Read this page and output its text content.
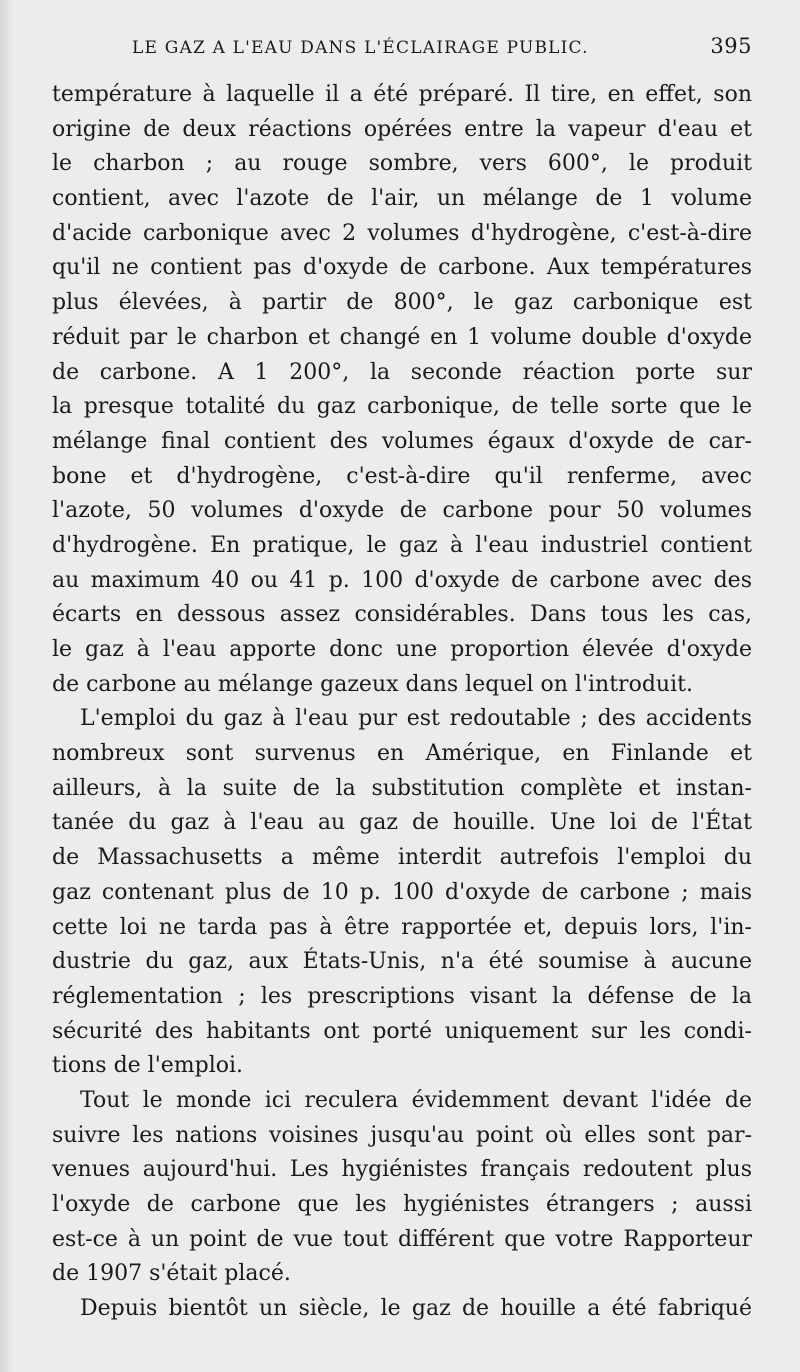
LE GAZ A L'EAU DANS L'ÉCLAIRAGE PUBLIC.	395
température à laquelle il a été préparé. Il tire, en effet, son
origine de deux réactions opérées entre la vapeur d'eau et
le charbon ; au rouge sombre, vers 600°, le produit
contient, avec l'azote de l'air, un mélange de 1 volume
d'acide carbonique avec 2 volumes d'hydrogène, c'est-à-dire
qu'il ne contient pas d'oxyde de carbone. Aux températures
plus élevées, à partir de 800°, le gaz carbonique est
réduit par le charbon et changé en 1 volume double d'oxyde
de carbone. A 1 200°, la seconde réaction porte sur
la presque totalité du gaz carbonique, de telle sorte que le
mélange final contient des volumes égaux d'oxyde de car-
bone et d'hydrogène, c'est-à-dire qu'il renferme, avec
l'azote, 50 volumes d'oxyde de carbone pour 50 volumes
d'hydrogène. En pratique, le gaz à l'eau industriel contient
au maximum 40 ou 41 p. 100 d'oxyde de carbone avec des
écarts en dessous assez considérables. Dans tous les cas,
le gaz à l'eau apporte donc une proportion élevée d'oxyde
de carbone au mélange gazeux dans lequel on l'introduit.
L'emploi du gaz à l'eau pur est redoutable ; des accidents
nombreux sont survenus en Amérique, en Finlande et
ailleurs, à la suite de la substitution complète et instan-
tanée du gaz à l'eau au gaz de houille. Une loi de l'État
de Massachusetts a même interdit autrefois l'emploi du
gaz contenant plus de 10 p. 100 d'oxyde de carbone ; mais
cette loi ne tarda pas à être rapportée et, depuis lors, l'in-
dustrie du gaz, aux États-Unis, n'a été soumise à aucune
réglementation ; les prescriptions visant la défense de la
sécurité des habitants ont porté uniquement sur les condi-
tions de l'emploi.
Tout le monde ici reculera évidemment devant l'idée de
suivre les nations voisines jusqu'au point où elles sont par-
venues aujourd'hui. Les hygiénistes français redoutent plus
l'oxyde de carbone que les hygiénistes étrangers ; aussi
est-ce à un point de vue tout différent que votre Rapporteur
de 1907 s'était placé.
Depuis bientôt un siècle, le gaz de houille a été fabriqué
